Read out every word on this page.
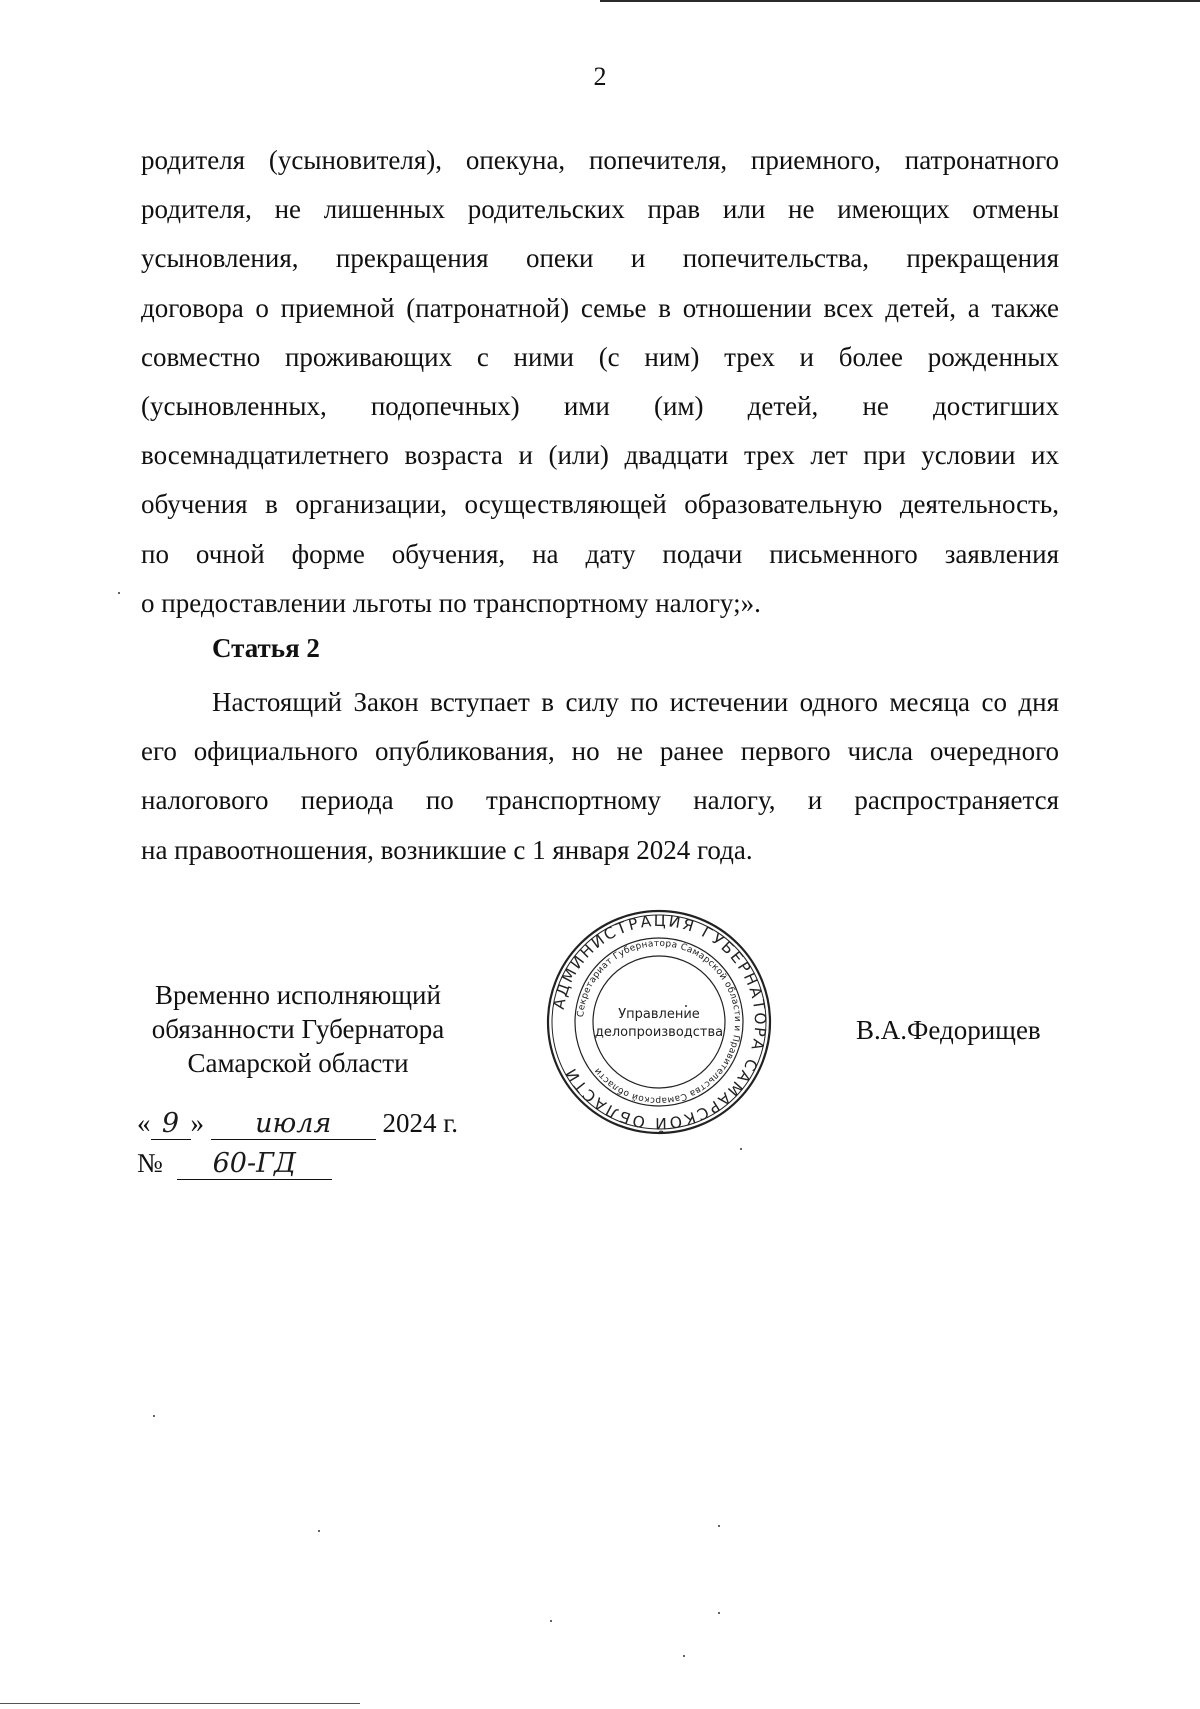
2
родителя (усыновителя), опекуна, попечителя, приемного, патронатного
родителя, не лишенных родительских прав или не имеющих отмены
усыновления, прекращения опеки и попечительства, прекращения
договора о приемной (патронатной) семье в отношении всех детей, а также
совместно проживающих с ними (с ним) трех и более рожденных
(усыновленных, подопечных) ими (им) детей, не достигших
восемнадцатилетнего возраста и (или) двадцати трех лет при условии их
обучения в организации, осуществляющей образовательную деятельность,
по очной форме обучения, на дату подачи письменного заявления
о предоставлении льготы по транспортному налогу;».
Статья 2
Настоящий Закон вступает в силу по истечении одного месяца со дня
его официального опубликования, но не ранее первого числа очередного
налогового периода по транспортному налогу, и распространяется
на правоотношения, возникшие с 1 января 2024 года.
Временно исполняющий
обязанности Губернатора
Самарской области
АДМИНИСТРАЦИЯ ГУБЕРНАТОРА САМАРСКОЙ ОБЛАСТИ
Секретариат Губернатора Самарской области и Правительства Самарской области
Управление
делопроизводства	В.А.Федорищев
« 9 » июля 2024 г.
№ 60-ГД
